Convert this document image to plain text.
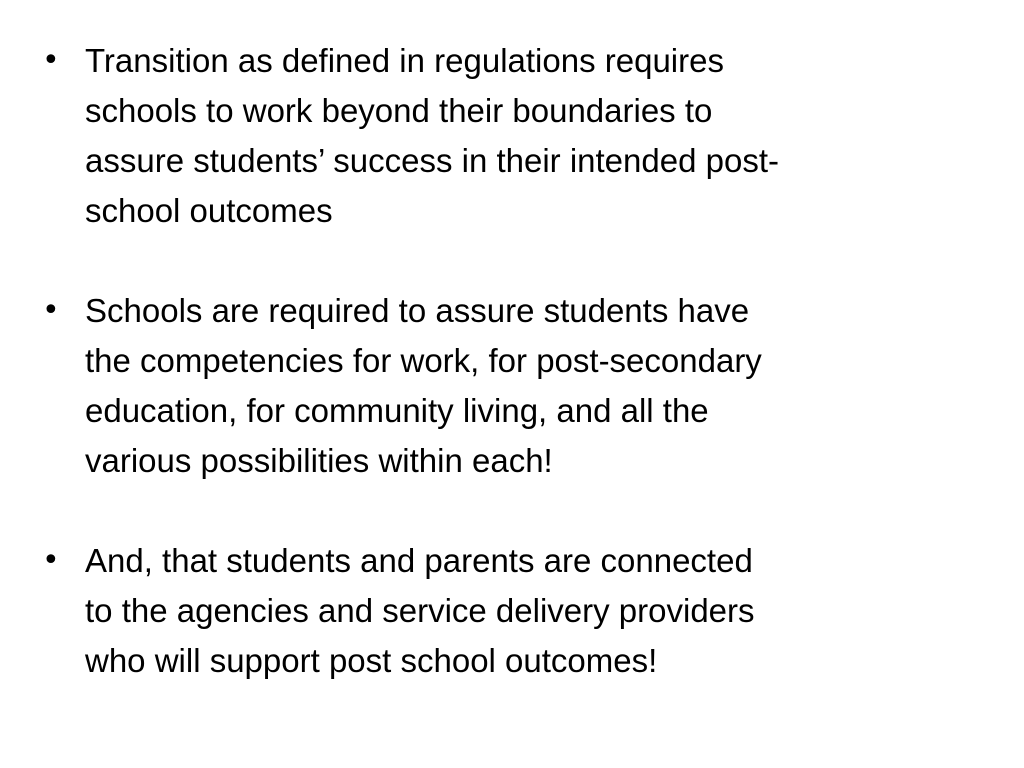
• Transition as defined in regulations requires
schools to work beyond their boundaries to
assure students’ success in their intended post-
school outcomes
• Schools are required to assure students have
the competencies for work, for post-secondary
education, for community living, and all the
various possibilities within each!
• And, that students and parents are connected
to the agencies and service delivery providers
who will support post school outcomes!
